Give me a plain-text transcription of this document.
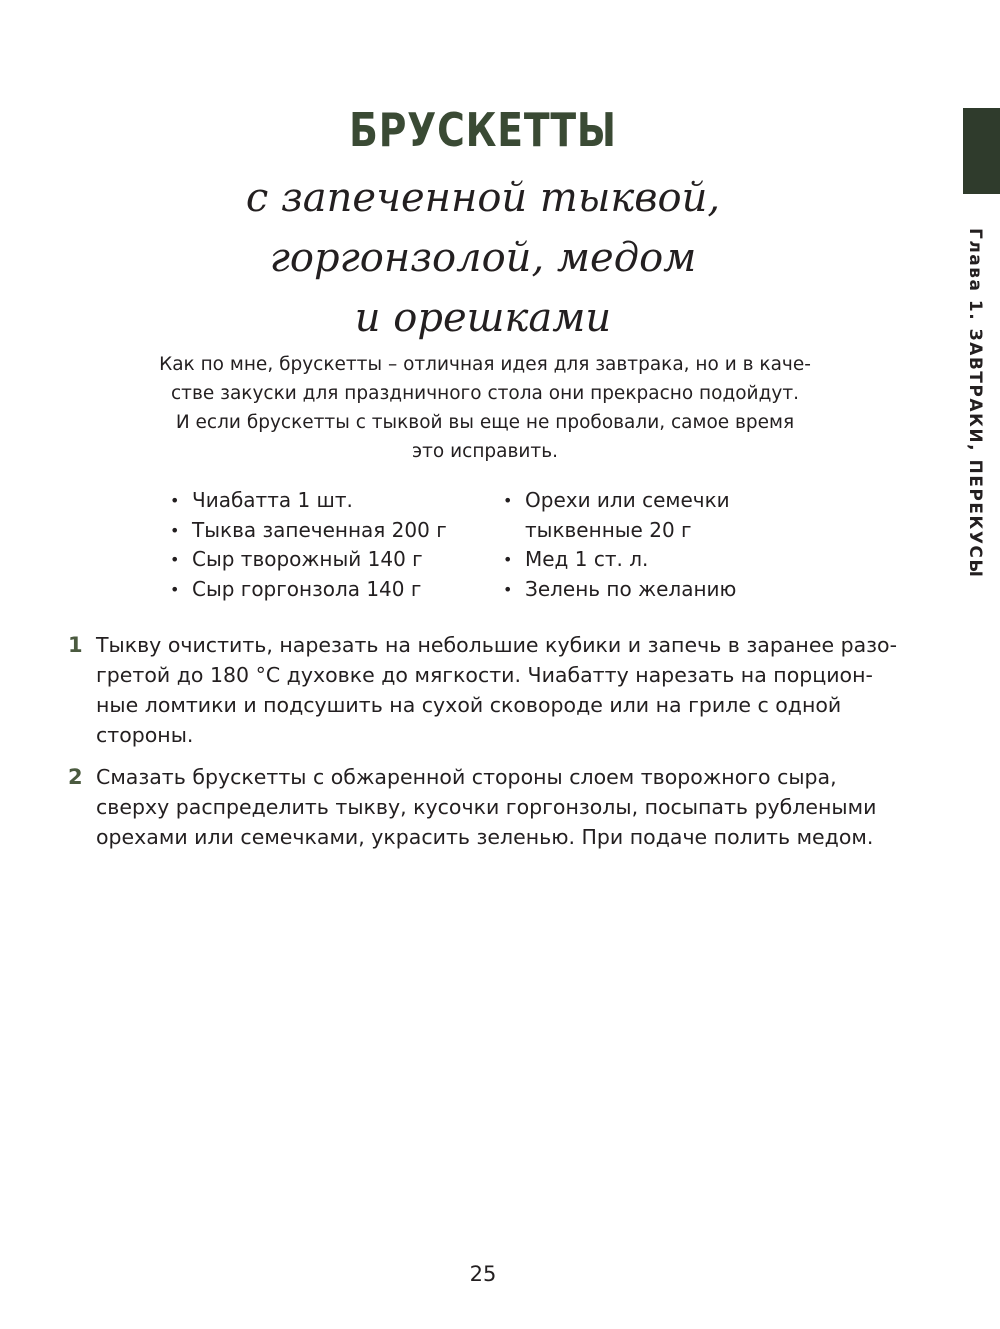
Глава 1. ЗАВТРАКИ, ПЕРЕКУСЫ
БРУСКЕТТЫ
с запеченной тыквой,
горгонзолой, медом
и орешками
Как по мне, брускетты – отличная идея для завтрака, но и в каче-
стве закуски для праздничного стола они прекрасно подойдут.
И если брускетты с тыквой вы еще не пробовали, самое время
это исправить.
• Чиабатта 1 шт.
• Тыква запеченная 200 г
• Сыр творожный 140 г
• Сыр горгонзола 140 г
• Орехи или семечки
тыквенные 20 г
• Мед 1 ст. л.
• Зелень по желанию
1 Тыкву очистить, нарезать на небольшие кубики и запечь в заранее разо-
гретой до 180 °С духовке до мягкости. Чиабатту нарезать на порцион-
ные ломтики и подсушить на сухой сковороде или на гриле с одной
стороны.
2 Смазать брускетты с обжаренной стороны слоем творожного сыра,
сверху распределить тыкву, кусочки горгонзолы, посыпать рублеными
орехами или семечками, украсить зеленью. При подаче полить медом.
25
